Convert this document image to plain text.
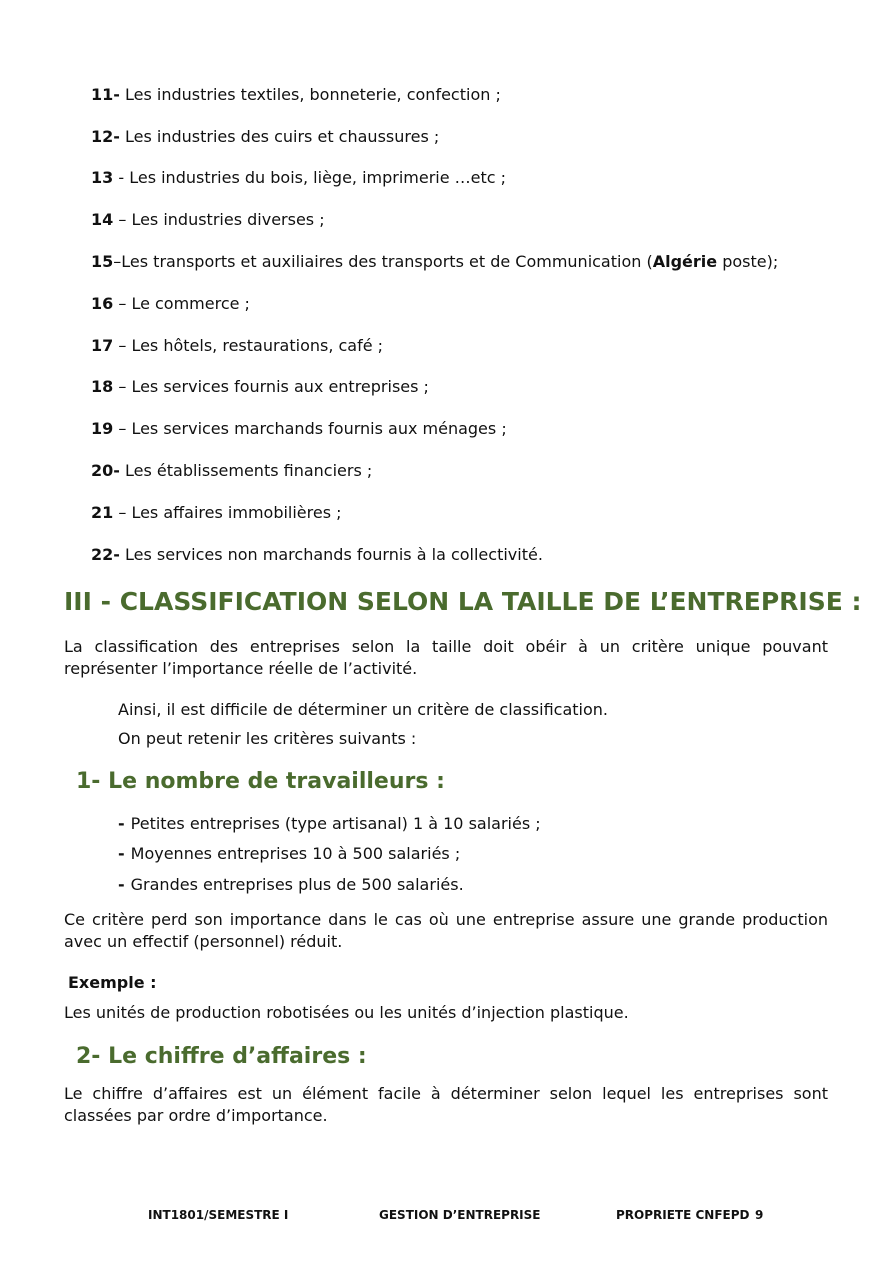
11- Les industries textiles, bonneterie, confection ;
12- Les industries des cuirs et chaussures ;
13 - Les industries du bois, liège, imprimerie …etc ;
14 – Les industries diverses ;
15–Les transports et auxiliaires des transports et de Communication (Algérie poste);
16 – Le commerce ;
17 – Les hôtels, restaurations, café ;
18 – Les services fournis aux entreprises ;
19 – Les services marchands fournis aux ménages ;
20- Les établissements financiers ;
21 – Les affaires immobilières ;
22- Les services non marchands fournis à la collectivité.
III - CLASSIFICATION SELON LA TAILLE DE L’ENTREPRISE :

La classification des entreprises selon la taille doit obéir à un critère unique pouvant représenter l’importance réelle de l’activité.

Ainsi, il est difficile de déterminer un critère de classification.

On peut retenir les critères suivants :

1- Le nombre de travailleurs :
- Petites entreprises (type artisanal) 1 à 10 salariés ;
- Moyennes entreprises 10 à 500 salariés ;
- Grandes entreprises plus de 500 salariés.

Ce critère perd son importance dans le cas où une entreprise assure une grande production avec un effectif (personnel) réduit.

Exemple :

Les unités de production robotisées ou les unités d’injection plastique.

2- Le chiffre d’affaires :

Le chiffre d’affaires est un élément facile à déterminer selon lequel les entreprises sont classées par ordre d’importance.

INT1801/SEMESTRE I	GESTION D’ENTREPRISE	PROPRIETE CNFEPD 9
